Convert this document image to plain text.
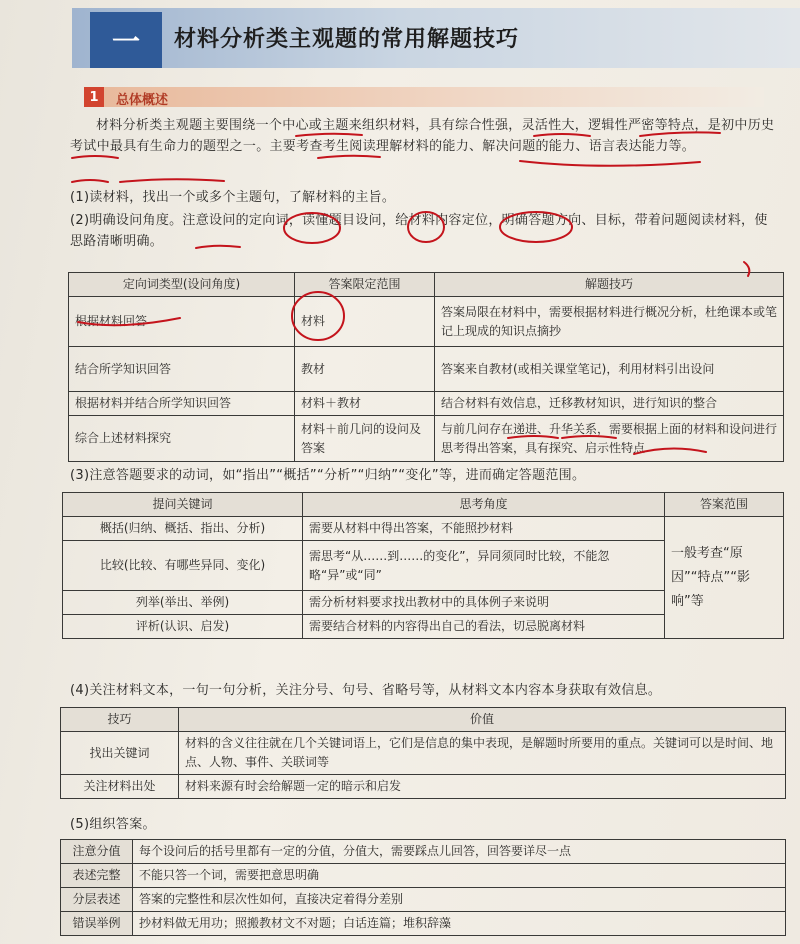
一	材料分析类主观题的常用解题技巧
1	总体概述
材料分析类主观题主要围绕一个中心或主题来组织材料，具有综合性强，灵活性大，逻辑性严密等特点，是初中历史考试中最具有生命力的题型之一。主要考查考生阅读理解材料的能力、解决问题的能力、语言表达能力等。
(1)读材料，找出一个或多个主题句，了解材料的主旨。
(2)明确设问角度。注意设问的定向词，读懂题目设问，给材料内容定位，明确答题方向、目标，带着问题阅读材料，使思路清晰明确。
定向词类型(设问角度)	答案限定范围	解题技巧
根据材料回答	材料	答案局限在材料中，需要根据材料进行概况分析，杜绝课本或笔记上现成的知识点摘抄
结合所学知识回答	教材	答案来自教材(或相关课堂笔记)，利用材料引出设问
根据材料并结合所学知识回答	材料＋教材	结合材料有效信息，迁移教材知识，进行知识的整合
综合上述材料探究	材料＋前几问的设问及答案	与前几问存在递进、升华关系，需要根据上面的材料和设问进行思考得出答案，具有探究、启示性特点
(3)注意答题要求的动词，如“指出”“概括”“分析”“归纳”“变化”等，进而确定答题范围。
提问关键词	思考角度	答案范围
概括(归纳、概括、指出、分析)	需要从材料中得出答案，不能照抄材料	一般考查“原因”“特点”“影响”等
比较(比较、有哪些异同、变化)	需思考“从……到……的变化”，异同须同时比较，不能忽略“异”或“同”	
列举(举出、举例)	需分析材料要求找出教材中的具体例子来说明	
评析(认识、启发)	需要结合材料的内容得出自己的看法，切忌脱离材料	
(4)关注材料文本，一句一句分析，关注分号、句号、省略号等，从材料文本内容本身获取有效信息。
技巧	价值
找出关键词	材料的含义往往就在几个关键词语上，它们是信息的集中表现，是解题时所要用的重点。关键词可以是时间、地点、人物、事件、关联词等
关注材料出处	材料来源有时会给解题一定的暗示和启发
(5)组织答案。
注意分值	每个设问后的括号里都有一定的分值，分值大，需要踩点儿回答，回答要详尽一点
表述完整	不能只答一个词，需要把意思明确
分层表述	答案的完整性和层次性如何，直接决定着得分差别
错误举例	抄材料做无用功；照搬教材文不对题；白话连篇；堆积辞藻
